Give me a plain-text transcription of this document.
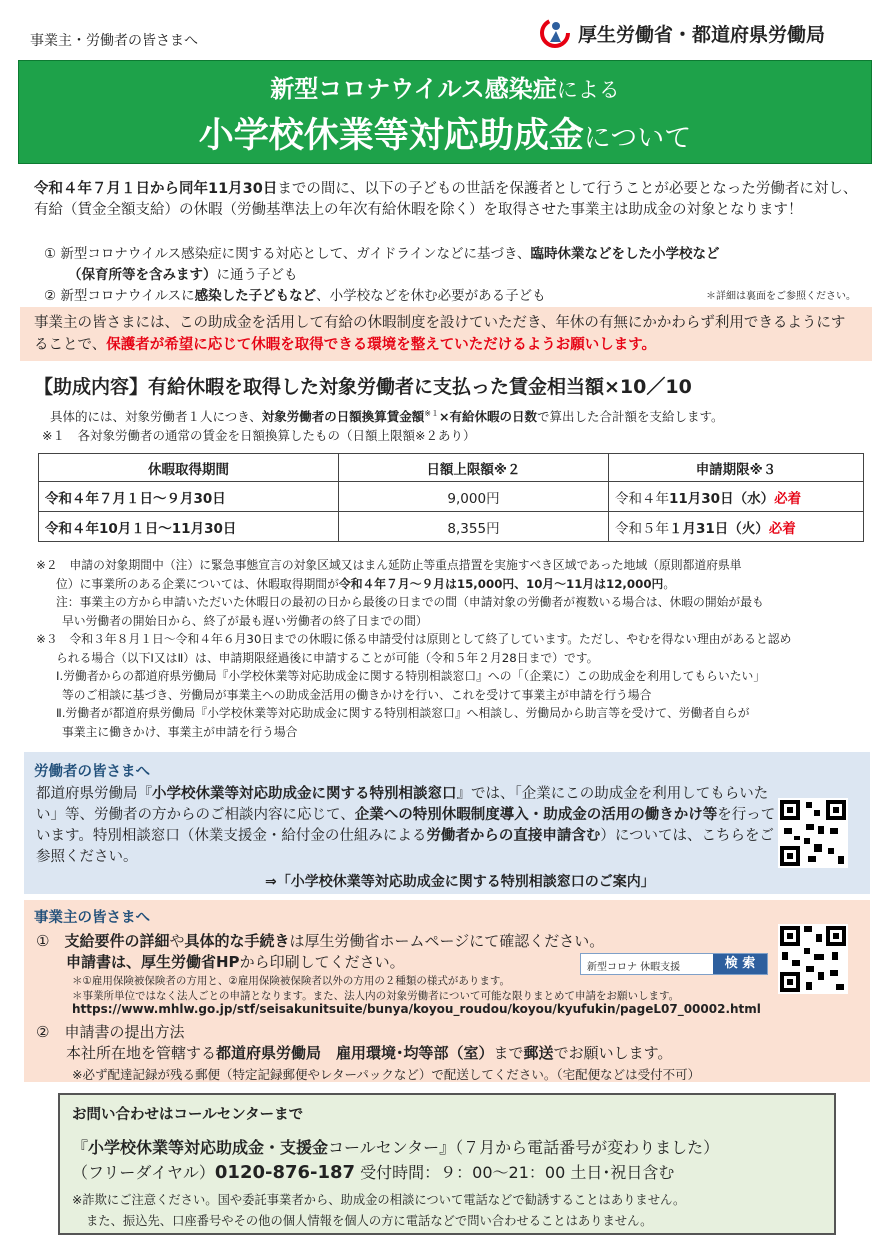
事業主・労働者の皆さまへ	厚生労働省・都道府県労働局
新型コロナウイルス感染症による
小学校休業等対応助成金について
令和４年７月１日から同年11月30日までの間に、以下の子どもの世話を保護者として行うことが必要となった労働者に対し、有給（賃金全額支給）の休暇（労働基準法上の年次有給休暇を除く）を取得させた事業主は助成金の対象となります！
① 新型コロナウイルス感染症に関する対応として、ガイドラインなどに基づき、臨時休業などをした小学校など
（保育所等を含みます）に通う子ども
② 新型コロナウイルスに感染した子どもなど、小学校などを休む必要がある子ども	＊詳細は裏面をご参照ください。
事業主の皆さまには、この助成金を活用して有給の休暇制度を設けていただき、年休の有無にかかわらず利用できるようにすることで、保護者が希望に応じて休暇を取得できる環境を整えていただけるようお願いします。
【助成内容】有給休暇を取得した対象労働者に支払った賃金相当額×10／10
具体的には、対象労働者１人につき、対象労働者の日額換算賃金額$^{※1}$×有給休暇の日数で算出した合計額を支給します。
※１　各対象労働者の通常の賃金を日額換算したもの（日額上限額※２あり）
休暇取得期間	日額上限額※２	申請期限※３
令和４年７月１日～９月30日	9,000円	令和４年11月30日（水）必着
令和４年10月１日～11月30日	8,355円	令和５年１月31日（火）必着
※２　申請の対象期間中（注）に緊急事態宣言の対象区域又はまん延防止等重点措置を実施すべき区域であった地域（原則都道府県単
位）に事業所のある企業については、休暇取得期間が令和４年７月～９月は15,000円、10月～11月は12,000円。
注：事業主の方から申請いただいた休暇日の最初の日から最後の日までの間（申請対象の労働者が複数いる場合は、休暇の開始が最も
早い労働者の開始日から、終了が最も遅い労働者の終了日までの間）
※３　令和３年８月１日～令和４年６月30日までの休暇に係る申請受付は原則として終了しています。ただし、やむを得ない理由があると認め
られる場合（以下Ⅰ又はⅡ）は、申請期限経過後に申請することが可能（令和５年２月28日まで）です。
Ⅰ.労働者からの都道府県労働局『小学校休業等対応助成金に関する特別相談窓口』への「（企業に）この助成金を利用してもらいたい」
等のご相談に基づき、労働局が事業主への助成金活用の働きかけを行い、これを受けて事業主が申請を行う場合
Ⅱ.労働者が都道府県労働局『小学校休業等対応助成金に関する特別相談窓口』へ相談し、労働局から助言等を受けて、労働者自らが
事業主に働きかけ、事業主が申請を行う場合
労働者の皆さまへ
都道府県労働局『小学校休業等対応助成金に関する特別相談窓口』では、「企業にこの助成金を利用してもらいたい」等、労働者の方からのご相談内容に応じて、企業への特別休暇制度導入・助成金の活用の働きかけ等を行っています。特別相談窓口（休業支援金・給付金の仕組みによる労働者からの直接申請含む）については、こちらをご参照ください。
⇒「小学校休業等対応助成金に関する特別相談窓口のご案内」
事業主の皆さまへ
①　支給要件の詳細や具体的な手続きは厚生労働省ホームページにて確認ください。
申請書は、厚生労働省HPから印刷してください。
＊①雇用保険被保険者の方用と、②雇用保険被保険者以外の方用の２種類の様式があります。
＊事業所単位ではなく法人ごとの申請となります。また、法人内の対象労働者について可能な限りまとめて申請をお願いします。
https://www.mhlw.go.jp/stf/seisakunitsuite/bunya/koyou_roudou/koyou/kyufukin/pageL07_00002.html
新型コロナ 休暇支援	検 索
②　申請書の提出方法
本社所在地を管轄する都道府県労働局　雇用環境･均等部（室）まで郵送でお願いします。
※必ず配達記録が残る郵便（特定記録郵便やレターパックなど）で配送してください。（宅配便などは受付不可）
お問い合わせはコールセンターまで
『小学校休業等対応助成金・支援金コールセンター』（７月から電話番号が変わりました）
（フリーダイヤル）0120-876-187 受付時間：９：00～21：00 土日･祝日含む
※詐欺にご注意ください。国や委託事業者から、助成金の相談について電話などで勧誘することはありません。
また、振込先、口座番号やその他の個人情報を個人の方に電話などで問い合わせることはありません。
